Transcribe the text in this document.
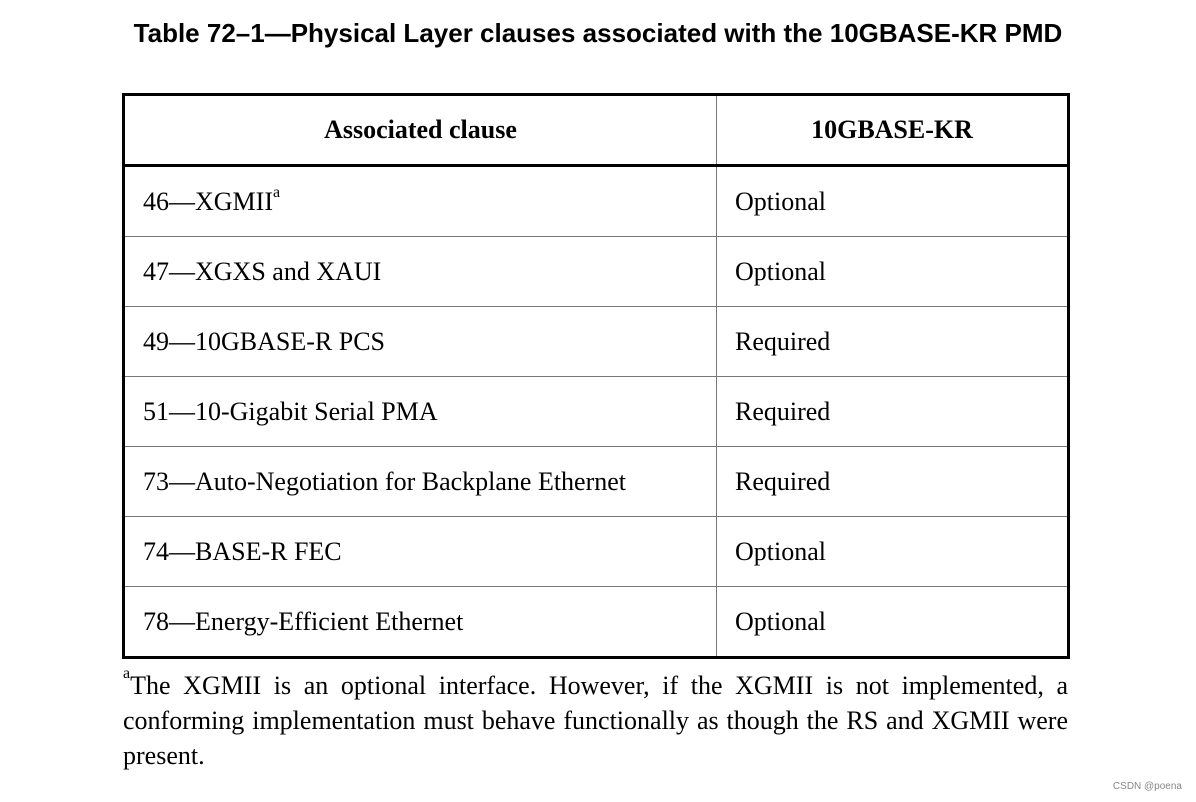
Table 72–1—Physical Layer clauses associated with the 10GBASE-KR PMD
Associated clause	10GBASE-KR
46—XGMII$^a$	Optional
47—XGXS and XAUI	Optional
49—10GBASE-R PCS	Required
51—10-Gigabit Serial PMA	Required
73—Auto-Negotiation for Backplane Ethernet	Required
74—BASE-R FEC	Optional
78—Energy-Efficient Ethernet	Optional
$^a$The XGMII is an optional interface. However, if the XGMII is not implemented, a conforming implementation must behave functionally as though the RS and XGMII were present.
CSDN @poena
